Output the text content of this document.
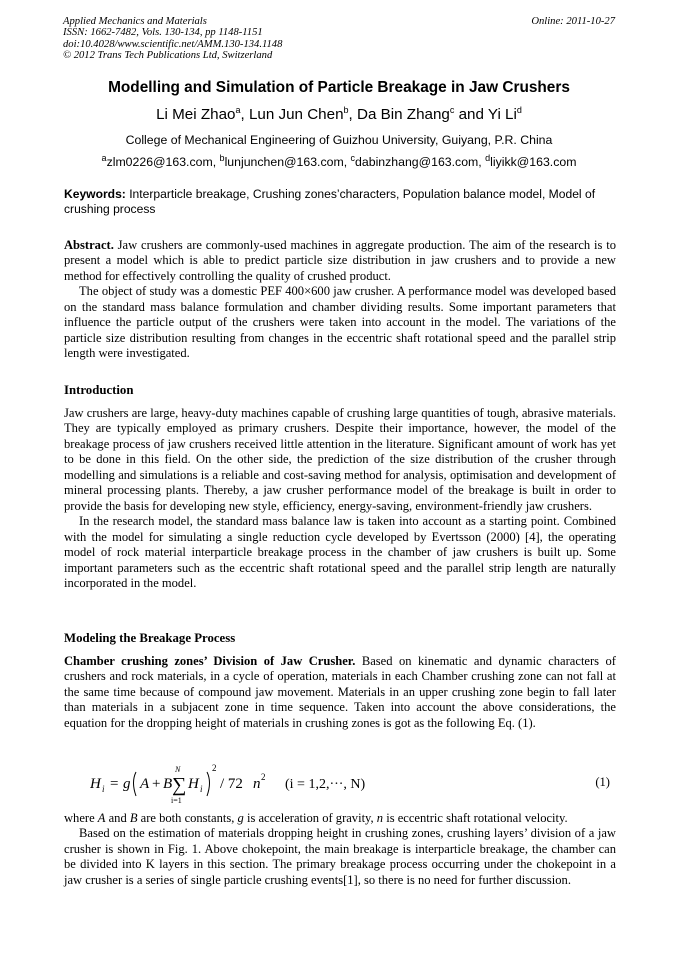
Applied Mechanics and Materials
ISSN: 1662-7482, Vols. 130-134, pp 1148-1151
doi:10.4028/www.scientific.net/AMM.130-134.1148
© 2012 Trans Tech Publications Ltd, Switzerland
Online: 2011-10-27
Modelling and Simulation of Particle Breakage in Jaw Crushers
Li Mei Zhao$^a$, Lun Jun Chen$^b$, Da Bin Zhang$^c$ and Yi Li$^d$
College of Mechanical Engineering of Guizhou University, Guiyang, P.R. China
$^a$zlm0226@163.com, $^b$lunjunchen@163.com, $^c$dabinzhang@163.com, $^d$liyikk@163.com
Keywords: Interparticle breakage, Crushing zones’characters, Population balance model, Model of crushing process

Abstract. Jaw crushers are commonly-used machines in aggregate production. The aim of the research is to present a model which is able to predict particle size distribution in jaw crushers and to provide a new method for effectively controlling the quality of crushed product.

The object of study was a domestic PEF 400×600 jaw crusher. A performance model was developed based on the standard mass balance formulation and chamber dividing results. Some important parameters that influence the particle output of the crushers were taken into account in the model. The variations of the particle size distribution resulting from changes in the eccentric shaft rotational speed and the parallel strip length were investigated.

Introduction

Jaw crushers are large, heavy-duty machines capable of crushing large quantities of tough, abrasive materials. They are typically employed as primary crushers. Despite their importance, however, the model of the breakage process of jaw crushers received little attention in the literature. Significant amount of work has yet to be done in this field. On the other side, the prediction of the size distribution of the crusher through modelling and simulations is a reliable and cost-saving method for analysis, optimisation and development of mineral processing plants. Thereby, a jaw crusher performance model of the breakage is built in order to provide the basis for developing new style, efficiency, energy-saving, environment-friendly jaw crushers.

In the research model, the standard mass balance law is taken into account as a starting point. Combined with the model for simulating a single reduction cycle developed by Evertsson (2000) [4], the operating model of rock material interparticle breakage process in the chamber of jaw crushers is built up. Some important parameters such as the eccentric shaft rotational speed and the parallel strip length are naturally incorporated in the model.

Modeling the Breakage Process

Chamber crushing zones’ Division of Jaw Crusher. Based on kinematic and dynamic characters of crushers and rock materials, in a cycle of operation, materials in each Chamber crushing zone can not fall at the same time because of compound jaw movement. Materials in an upper crushing zone begin to fall later than materials in a subjacent zone in time sequence. Taken into account the above considerations, the equation for the dropping height of materials in crushing zones is got as the following Eq. (1).

H i = g A + B
N
∑
i=1
H i
2
/ 72 n 2 (i = 1,2,···, N)	(1)

where A and B are both constants, g is acceleration of gravity, n is eccentric shaft rotational velocity.

Based on the estimation of materials dropping height in crushing zones, crushing layers’ division of a jaw crusher is shown in Fig. 1. Above chokepoint, the main breakage is interparticle breakage, the chamber can be divided into K layers in this section. The primary breakage process occurring under the chokepoint in a jaw crusher is a series of single particle crushing events[1], so there is no need for further discussion.
